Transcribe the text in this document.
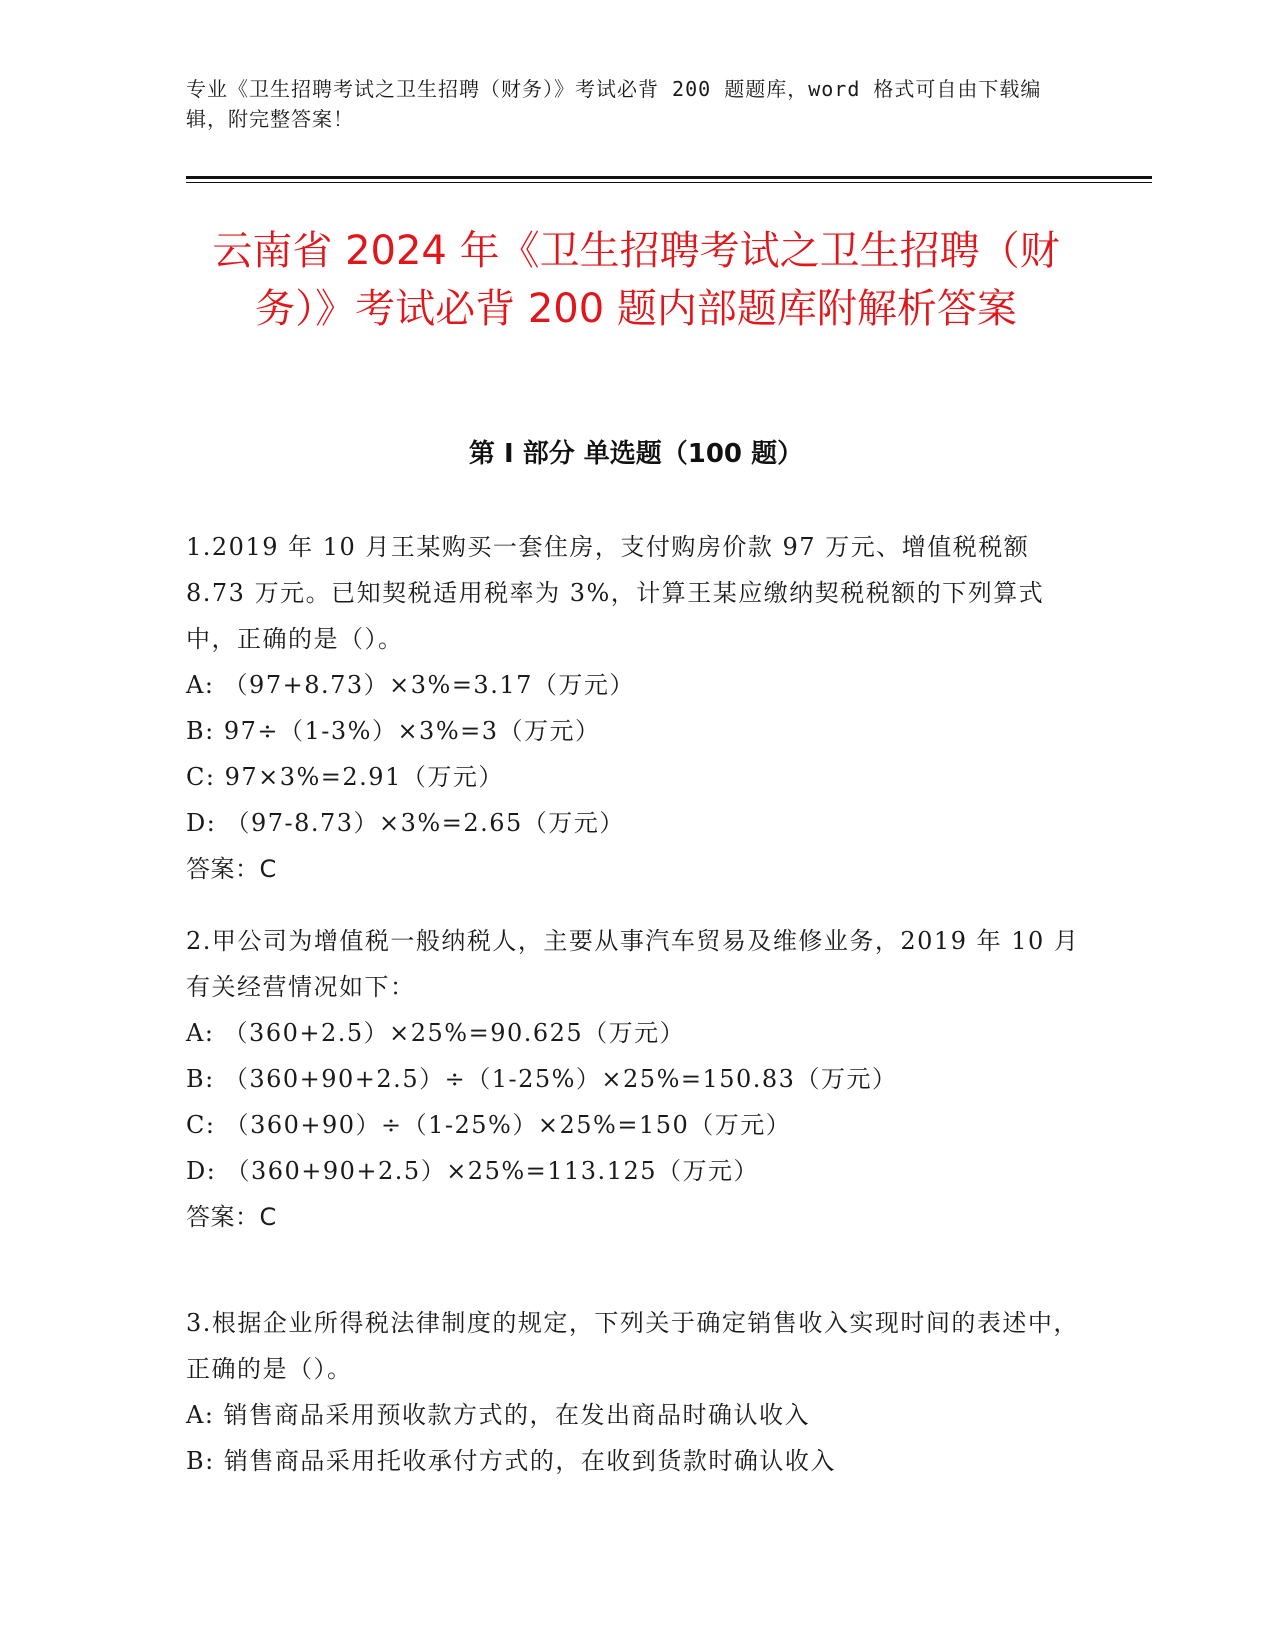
专业《卫生招聘考试之卫生招聘（财务）》考试必背 200 题题库，word 格式可自由下载编辑，附完整答案！
云南省 2024 年《卫生招聘考试之卫生招聘（财务）》考试必背 200 题内部题库附解析答案
第 I 部分 单选题（100 题）

1.2019 年 10 月王某购买一套住房，支付购房价款 97 万元、增值税税额 8.73 万元。已知契税适用税率为 3%，计算王某应缴纳契税税额的下列算式中，正确的是（）。

A: （97+8.73）×3%=3.17（万元）

B: 97÷（1-3%）×3%=3（万元）

C: 97×3%=2.91（万元）

D: （97-8.73）×3%=2.65（万元）

答案：C

2.甲公司为增值税一般纳税人，主要从事汽车贸易及维修业务，2019 年 10 月有关经营情况如下：

A: （360+2.5）×25%=90.625（万元）

B: （360+90+2.5）÷（1-25%）×25%=150.83（万元）

C: （360+90）÷（1-25%）×25%=150（万元）

D: （360+90+2.5）×25%=113.125（万元）

答案：C

3.根据企业所得税法律制度的规定，下列关于确定销售收入实现时间的表述中，正确的是（）。

A: 销售商品采用预收款方式的，在发出商品时确认收入

B: 销售商品采用托收承付方式的，在收到货款时确认收入
